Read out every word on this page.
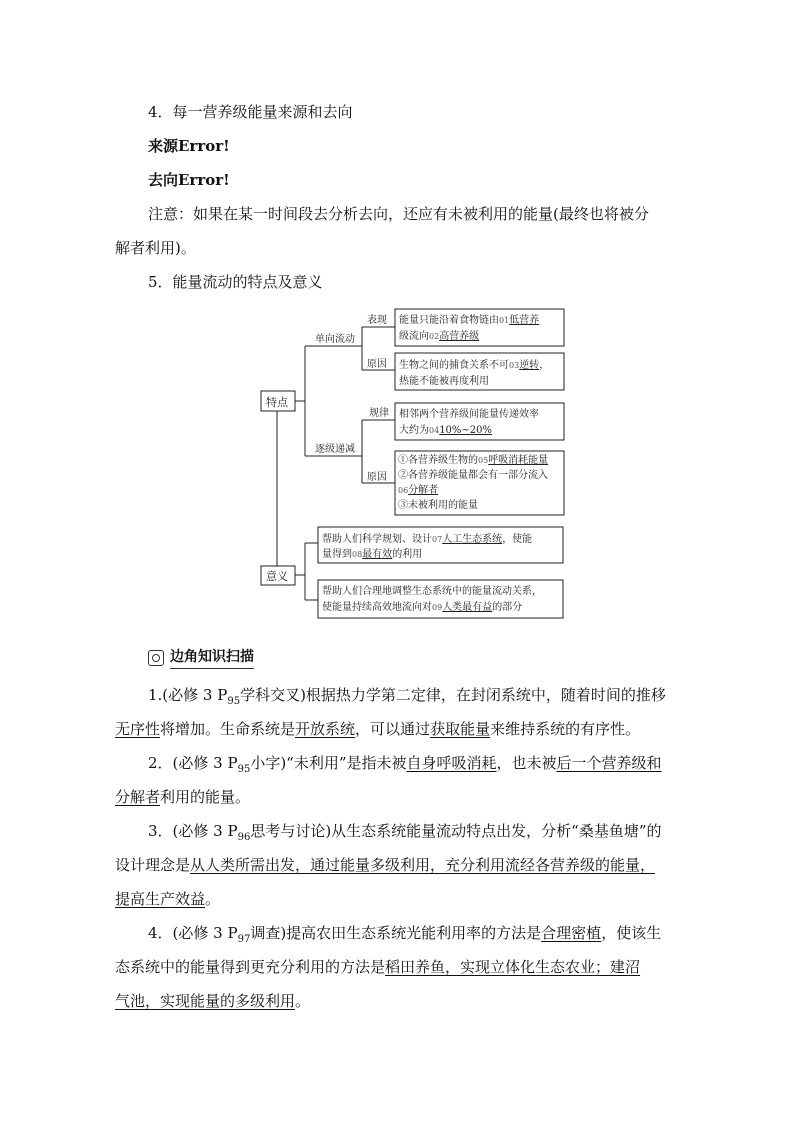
4．每一营养级能量来源和去向
来源Error!
去向Error!
注意：如果在某一时间段去分析去向，还应有未被利用的能量(最终也将被分
解者利用)。
5．能量流动的特点及意义
特点
意义
单向流动
逐级递减
表现
原因
规律
原因
能量只能沿着食物链由01低营养
级流向02高营养级
生物之间的捕食关系不可03逆转，
热能不能被再度利用
相邻两个营养级间能量传递效率
大约为0410%~20%
①各营养级生物的05呼吸消耗能量
②各营养级能量都会有一部分流入
06分解者
③未被利用的能量
帮助人们科学规划、设计07人工生态系统，使能
量得到08最有效的利用
帮助人们合理地调整生态系统中的能量流动关系，
使能量持续高效地流向对09人类最有益的部分
边角知识扫描
1.(必修 3 $P_{95}$学科交叉)根据热力学第二定律，在封闭系统中，随着时间的推移
无序性将增加。生命系统是开放系统，可以通过获取能量来维持系统的有序性。
2．(必修 3 $P_{95}$小字)“未利用”是指未被自身呼吸消耗，也未被后一个营养级和
分解者利用的能量。
3．(必修 3 $P_{96}$思考与讨论)从生态系统能量流动特点出发，分析“桑基鱼塘”的
设计理念是从人类所需出发，通过能量多级利用，充分利用流经各营养级的能量，
提高生产效益。
4．(必修 3 $P_{97}$调查)提高农田生态系统光能利用率的方法是合理密植，使该生
态系统中的能量得到更充分利用的方法是稻田养鱼，实现立体化生态农业；建沼
气池，实现能量的多级利用。
